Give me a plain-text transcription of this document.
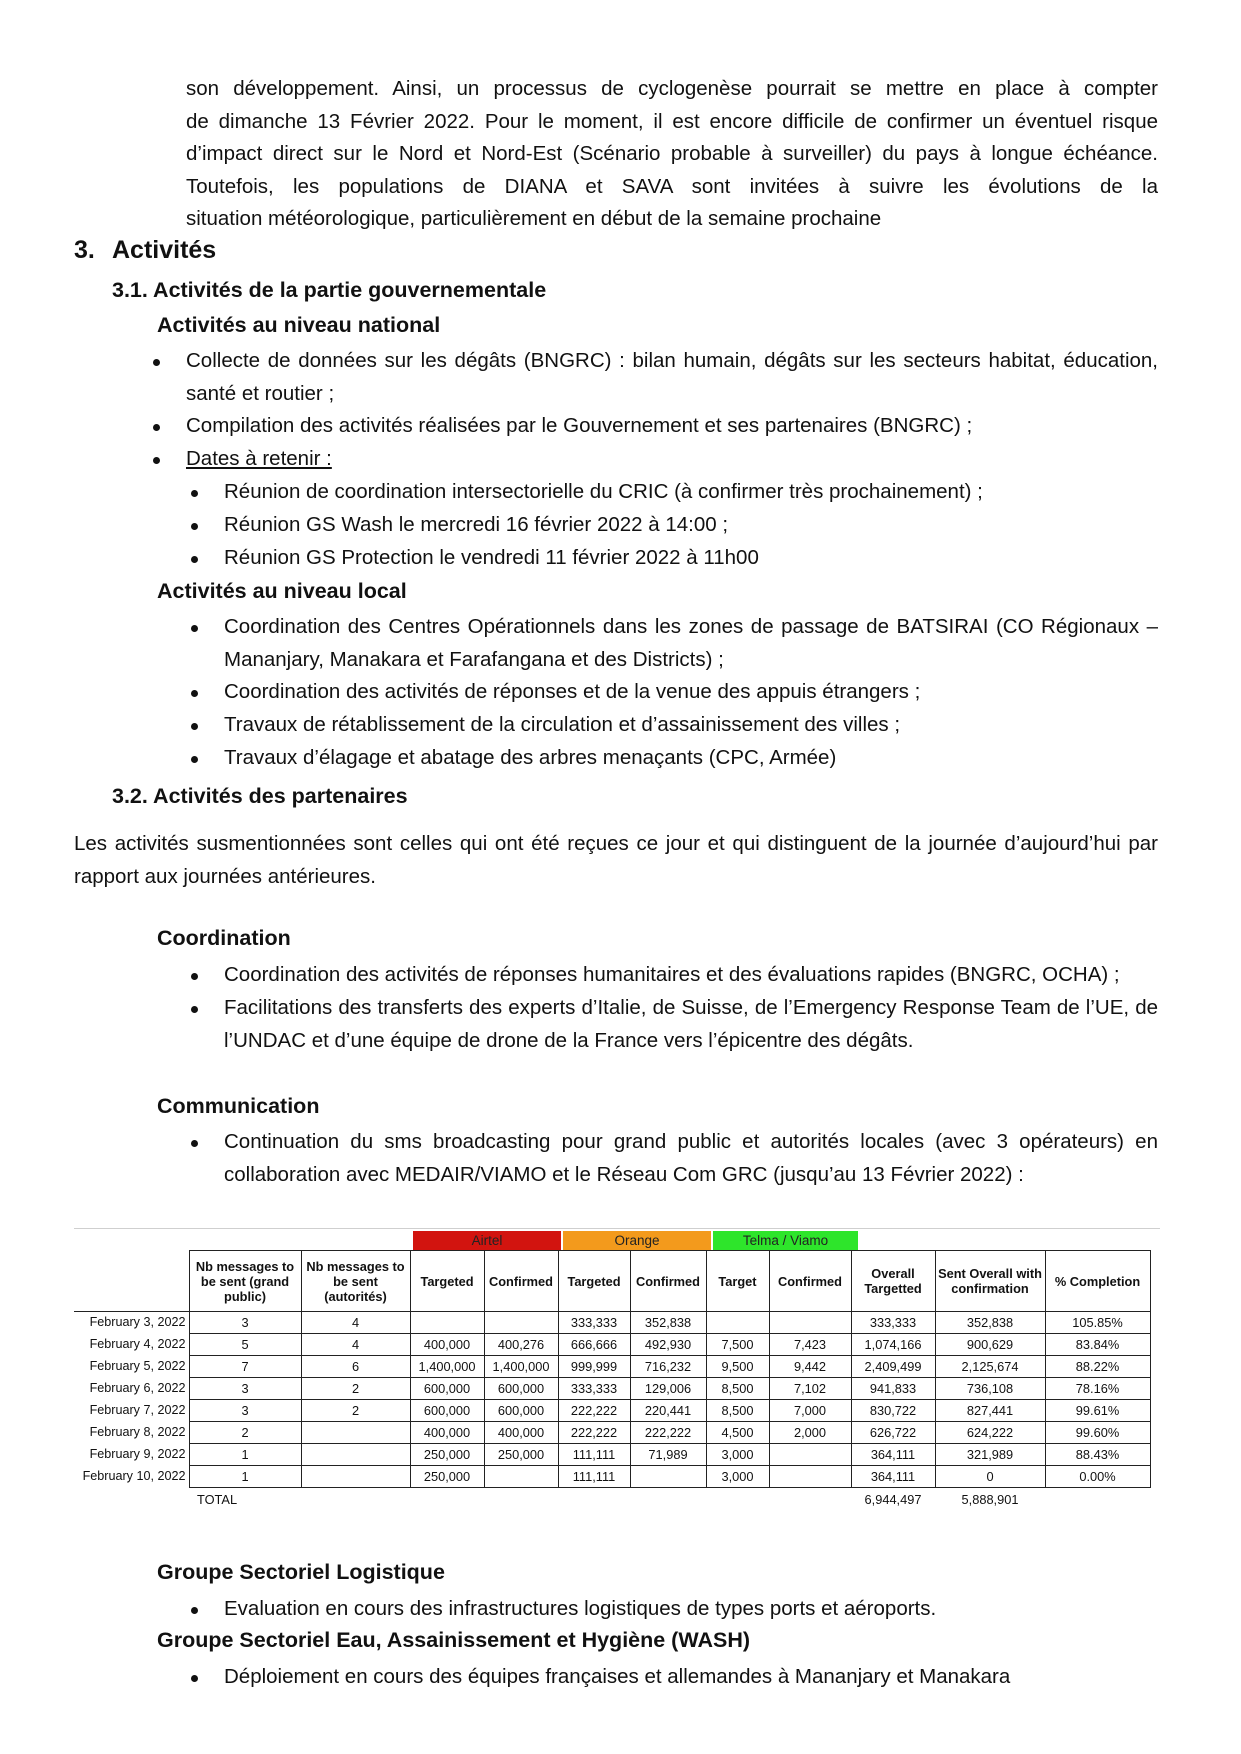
son développement. Ainsi, un processus de cyclogenèse pourrait se mettre en place à compter
de dimanche 13 Février 2022. Pour le moment, il est encore difficile de confirmer un éventuel risque
d’impact direct sur le Nord et Nord-Est (Scénario probable à surveiller) du pays à longue échéance.
Toutefois, les populations de DIANA et SAVA sont invitées à suivre les évolutions de la
situation météorologique, particulièrement en début de la semaine prochaine
3. Activités
3.1. Activités de la partie gouvernementale
Activités au niveau national
Collecte de données sur les dégâts (BNGRC) : bilan humain, dégâts sur les secteurs habitat, éducation,
santé et routier ;
Compilation des activités réalisées par le Gouvernement et ses partenaires (BNGRC) ;
Dates à retenir :
Réunion de coordination intersectorielle du CRIC (à confirmer très prochainement) ;
Réunion GS Wash le mercredi 16 février 2022 à 14:00 ;
Réunion GS Protection le vendredi 11 février 2022 à 11h00
Activités au niveau local
Coordination des Centres Opérationnels dans les zones de passage de BATSIRAI (CO Régionaux –
Mananjary, Manakara et Farafangana et des Districts) ;
Coordination des activités de réponses et de la venue des appuis étrangers ;
Travaux de rétablissement de la circulation et d’assainissement des villes ;
Travaux d’élagage et abatage des arbres menaçants (CPC, Armée)
3.2. Activités des partenaires
Les activités susmentionnées sont celles qui ont été reçues ce jour et qui distinguent de la journée d’aujourd’hui par
rapport aux journées antérieures.
Coordination
Coordination des activités de réponses humanitaires et des évaluations rapides (BNGRC, OCHA) ;
Facilitations des transferts des experts d’Italie, de Suisse, de l’Emergency Response Team de l’UE, de
l’UNDAC et d’une équipe de drone de la France vers l’épicentre des dégâts.
Communication
Continuation du sms broadcasting pour grand public et autorités locales (avec 3 opérateurs) en
collaboration avec MEDAIR/VIAMO et le Réseau Com GRC (jusqu’au 13 Février 2022) :
Airtel	Orange	Telma / Viamo
	Nb messages to be sent (grand public)	Nb messages to be sent (autorités)	Targeted	Confirmed	Targeted	Confirmed	Target	Confirmed	Overall Targetted	Sent Overall with confirmation	% Completion
February 3, 2022	3	4			333,333	352,838			333,333	352,838	105.85%
February 4, 2022	5	4	400,000	400,276	666,666	492,930	7,500	7,423	1,074,166	900,629	83.84%
February 5, 2022	7	6	1,400,000	1,400,000	999,999	716,232	9,500	9,442	2,409,499	2,125,674	88.22%
February 6, 2022	3	2	600,000	600,000	333,333	129,006	8,500	7,102	941,833	736,108	78.16%
February 7, 2022	3	2	600,000	600,000	222,222	220,441	8,500	7,000	830,722	827,441	99.61%
February 8, 2022	2		400,000	400,000	222,222	222,222	4,500	2,000	626,722	624,222	99.60%
February 9, 2022	1		250,000	250,000	111,111	71,989	3,000		364,111	321,989	88.43%
February 10, 2022	1		250,000		111,111		3,000		364,111	0	0.00%
	TOTAL								6,944,497	5,888,901	
Groupe Sectoriel Logistique
Evaluation en cours des infrastructures logistiques de types ports et aéroports.
Groupe Sectoriel Eau, Assainissement et Hygiène (WASH)
Déploiement en cours des équipes françaises et allemandes à Mananjary et Manakara
